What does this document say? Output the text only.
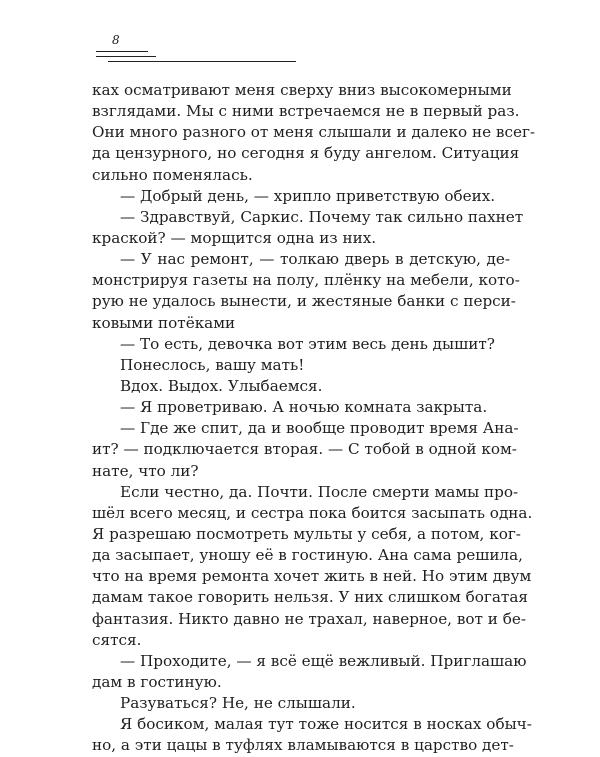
8
ках осматривают меня сверху вниз высокомерными
взглядами. Мы с ними встречаемся не в первый раз.
Они много разного от меня слышали и далеко не всег-
да цензурного, но сегодня я буду ангелом. Ситуация
сильно поменялась.
— Добрый день, — хрипло приветствую обеих.
— Здравствуй, Саркис. Почему так сильно пахнет
краской? — морщится одна из них.
— У нас ремонт, — толкаю дверь в детскую, де-
монстрируя газеты на полу, плёнку на мебели, кото-
рую не удалось вынести, и жестяные банки с перси-
ковыми потёками
— То есть, девочка вот этим весь день дышит?
Понеслось, вашу мать!
Вдох. Выдох. Улыбаемся.
— Я проветриваю. А ночью комната закрыта.
— Где же спит, да и вообще проводит время Ана-
ит? — подключается вторая. — С тобой в одной ком-
нате, что ли?
Если честно, да. Почти. После смерти мамы про-
шёл всего месяц, и сестра пока боится засыпать одна.
Я разрешаю посмотреть мульты у себя, а потом, ког-
да засыпает, уношу её в гостиную. Ана сама решила,
что на время ремонта хочет жить в ней. Но этим двум
дамам такое говорить нельзя. У них слишком богатая
фантазия. Никто давно не трахал, наверное, вот и бе-
сятся.
— Проходите, — я всё ещё вежливый. Приглашаю
дам в гостиную.
Разуваться? Не, не слышали.
Я босиком, малая тут тоже носится в носках обыч-
но, а эти цацы в туфлях вламываются в царство дет-
